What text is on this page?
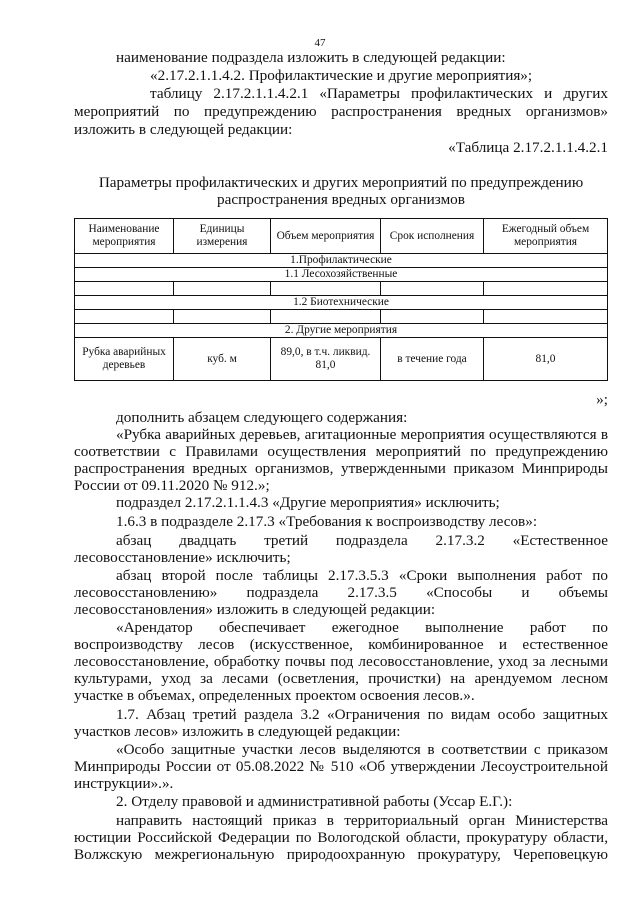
47
наименование подраздела изложить в следующей редакции:
«2.17.2.1.1.4.2. Профилактические и другие мероприятия»;
таблицу 2.17.2.1.1.4.2.1 «Параметры профилактических и других
мероприятий по предупреждению распространения вредных организмов»
изложить в следующей редакции:
«Таблица 2.17.2.1.1.4.2.1
Параметры профилактических и других мероприятий по предупреждению
распространения вредных организмов
Наименование мероприятия	Единицы измерения	Объем мероприятия	Срок исполнения	Ежегодный объем мероприятия
1.Профилактические				
1.1 Лесохозяйственные				

1.2 Биотехнические				

2. Другие мероприятия				
Рубка аварийных деревьев	куб. м	89,0, в т.ч. ликвид. 81,0	в течение года	81,0
»;
дополнить абзацем следующего содержания:
«Рубка аварийных деревьев, агитационные мероприятия осуществляются в
соответствии с Правилами осуществления мероприятий по предупреждению
распространения вредных организмов, утвержденными приказом Минприроды
России от 09.11.2020 № 912.»;
подраздел 2.17.2.1.1.4.3 «Другие мероприятия» исключить;
1.6.3 в подразделе 2.17.3 «Требования к воспроизводству лесов»:
абзац двадцать третий подраздела 2.17.3.2 «Естественное
лесовосстановление» исключить;
абзац второй после таблицы 2.17.3.5.3 «Сроки выполнения работ по
лесовосстановлению» подраздела 2.17.3.5 «Способы и объемы
лесовосстановления» изложить в следующей редакции:
«Арендатор обеспечивает ежегодное выполнение работ по
воспроизводству лесов (искусственное, комбинированное и естественное
лесовосстановление, обработку почвы под лесовосстановление, уход за лесными
культурами, уход за лесами (осветления, прочистки) на арендуемом лесном
участке в объемах, определенных проектом освоения лесов.».
1.7. Абзац третий раздела 3.2 «Ограничения по видам особо защитных
участков лесов» изложить в следующей редакции:
«Особо защитные участки лесов выделяются в соответствии с приказом
Минприроды России от 05.08.2022 № 510 «Об утверждении Лесоустроительной
инструкции».».
2. Отделу правовой и административной работы (Уссар Е.Г.):
направить настоящий приказ в территориальный орган Министерства
юстиции Российской Федерации по Вологодской области, прокуратуру области,
Волжскую межрегиональную природоохранную прокуратуру, Череповецкую
